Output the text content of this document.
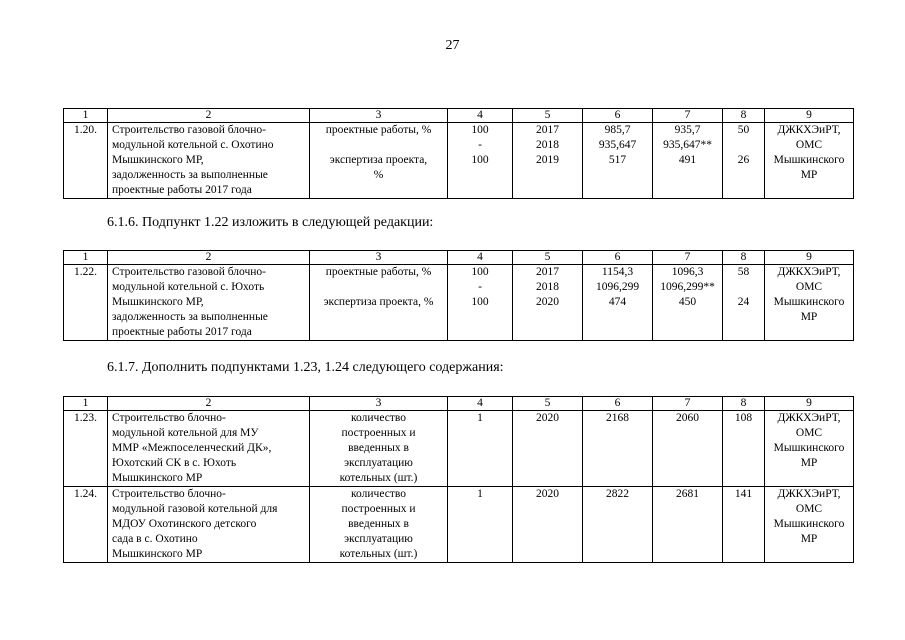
27
1	2	3	4	5	6	7	8	9
1.20.	Строительство газовой блочно-
модульной котельной с. Охотино
Мышкинского МР,
задолженность за выполненные
проектные работы 2017 года	проектные работы, %

экспертиза проекта,
%	100
-
100	2017
2018
2019	985,7
935,647
517	935,7
935,647**
491	50

26	ДЖКХЭиРТ,
ОМС
Мышкинского
МР
6.1.6. Подпункт 1.22 изложить в следующей редакции:
1	2	3	4	5	6	7	8	9
1.22.	Строительство газовой блочно-
модульной котельной с. Юхоть
Мышкинского МР,
задолженность за выполненные
проектные работы 2017 года	проектные работы, %

экспертиза проекта, %	100
-
100	2017
2018
2020	1154,3
1096,299
474	1096,3
1096,299**
450	58

24	ДЖКХЭиРТ,
ОМС
Мышкинского
МР
6.1.7. Дополнить подпунктами 1.23, 1.24 следующего содержания:
1	2	3	4	5	6	7	8	9
1.23.	Строительство блочно-
модульной котельной для МУ
ММР «Межпоселенческий ДК»,
Юхотский СК в с. Юхоть
Мышкинского МР	количество
построенных и
введенных в
эксплуатацию
котельных (шт.)	1	2020	2168	2060	108	ДЖКХЭиРТ,
ОМС
Мышкинского
МР
1.24.	Строительство блочно-
модульной газовой котельной для
МДОУ Охотинского детского
сада в с. Охотино
Мышкинского МР	количество
построенных и
введенных в
эксплуатацию
котельных (шт.)	1	2020	2822	2681	141	ДЖКХЭиРТ,
ОМС
Мышкинского
МР
